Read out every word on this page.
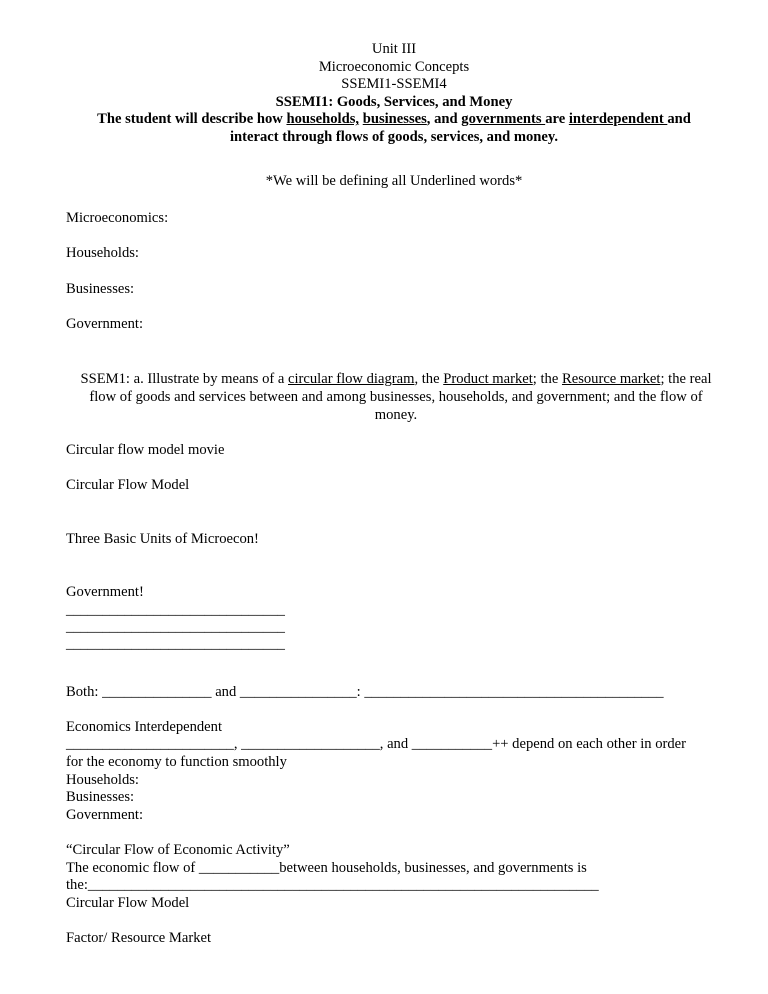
Unit III
Microeconomic Concepts
SSEMI1-SSEMI4
SSEMI1: Goods, Services, and Money
The student will describe how households, businesses, and governments are interdependent and
interact through flows of goods, services, and money.
*We will be defining all Underlined words*
Microeconomics:
Households:
Businesses:
Government:
SSEM1: a. Illustrate by means of a circular flow diagram, the Product market; the Resource market; the real flow of goods and services between and among businesses, households, and government; and the flow of money.
Circular flow model movie
Circular Flow Model
Three Basic Units of Microecon!
Government!
______________________________
______________________________
______________________________
Both: _______________ and ________________: _________________________________________
Economics Interdependent
_______________________, ___________________, and ___________++ depend on each other in order
for the economy to function smoothly
Households:
Businesses:
Government:
“Circular Flow of Economic Activity”
The economic flow of ___________between households, businesses, and governments is
the:______________________________________________________________________
Circular Flow Model
Factor/ Resource Market
